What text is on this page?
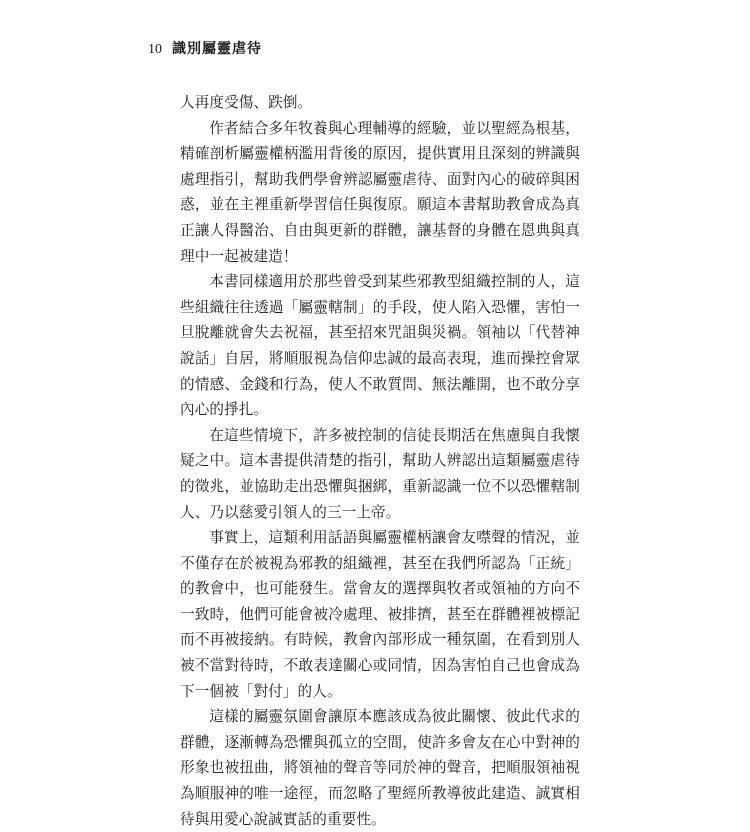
10 識別屬靈虐待

人再度受傷、跌倒。

作者結合多年牧養與心理輔導的經驗，並以聖經為根基，精確剖析屬靈權柄濫用背後的原因，提供實用且深刻的辨識與處理指引，幫助我們學會辨認屬靈虐待、面對內心的破碎與困惑，並在主裡重新學習信任與復原。願這本書幫助教會成為真正讓人得醫治、自由與更新的群體，讓基督的身體在恩典與真理中一起被建造！

本書同樣適用於那些曾受到某些邪教型組織控制的人，這些組織往往透過「屬靈轄制」的手段，使人陷入恐懼，害怕一旦脫離就會失去祝福，甚至招來咒詛與災禍。領袖以「代替神說話」自居，將順服視為信仰忠誠的最高表現，進而操控會眾的情感、金錢和行為，使人不敢質問、無法離開，也不敢分享內心的掙扎。

在這些情境下，許多被控制的信徒長期活在焦慮與自我懷疑之中。這本書提供清楚的指引，幫助人辨認出這類屬靈虐待的徵兆，並協助走出恐懼與捆綁，重新認識一位不以恐懼轄制人、乃以慈愛引領人的三一上帝。

事實上，這類利用話語與屬靈權柄讓會友噤聲的情況，並不僅存在於被視為邪教的組織裡，甚至在我們所認為「正統」的教會中，也可能發生。當會友的選擇與牧者或領袖的方向不一致時，他們可能會被冷處理、被排擠，甚至在群體裡被標記而不再被接納。有時候，教會內部形成一種氛圍，在看到別人被不當對待時，不敢表達關心或同情，因為害怕自己也會成為下一個被「對付」的人。

這樣的屬靈氛圍會讓原本應該成為彼此關懷、彼此代求的群體，逐漸轉為恐懼與孤立的空間，使許多會友在心中對神的形象也被扭曲，將領袖的聲音等同於神的聲音，把順服領袖視為順服神的唯一途徑，而忽略了聖經所教導彼此建造、誠實相待與用愛心說誠實話的重要性。
